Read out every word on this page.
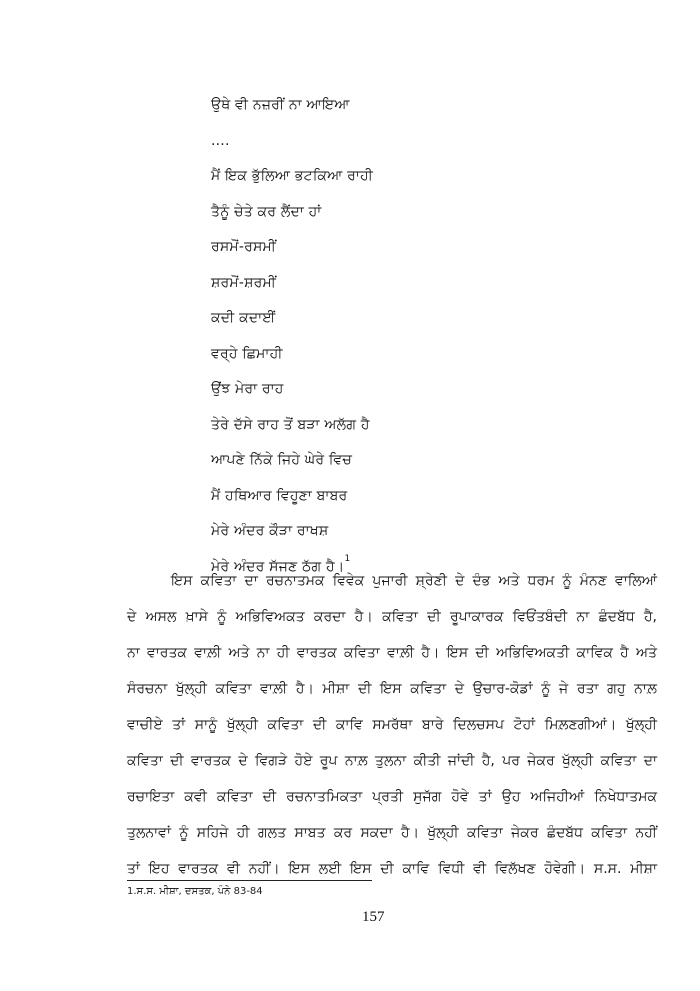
ਉਥੇ ਵੀ ਨਜ਼ਰੀਂ ਨਾ ਆਇਆ
....
ਮੈਂ ਇਕ ਭੁੱਲਿਆ ਭਟਕਿਆ ਰਾਹੀ
ਤੈਨੂੰ ਚੇਤੇ ਕਰ ਲੈਂਦਾ ਹਾਂ
ਰਸਮੋਂ-ਰਸਮੀਂ
ਸ਼ਰਮੋਂ-ਸ਼ਰਮੀਂ
ਕਦੀ ਕਦਾਈਂ
ਵਰ੍ਹੇ ਛਿਮਾਹੀ
ਉਂਝ ਮੇਰਾ ਰਾਹ
ਤੇਰੇ ਦੱਸੇ ਰਾਹ ਤੋਂ ਬੜਾ ਅਲੱਗ ਹੈ
ਆਪਣੇ ਨਿੱਕੇ ਜਿਹੇ ਘੇਰੇ ਵਿਚ
ਮੈਂ ਹਥਿਆਰ ਵਿਹੂਣਾ ਬਾਬਰ
ਮੇਰੇ ਅੰਦਰ ਕੌੜਾ ਰਾਖਸ਼
ਮੇਰੇ ਅੰਦਰ ਸੱਜਣ ਠੱਗ ਹੈ।$^1$
ਇਸ ਕਵਿਤਾ ਦਾ ਰਚਨਾਤਮਕ ਵਿਵੇਕ ਪੁਜਾਰੀ ਸ਼੍ਰੇਣੀ ਦੇ ਦੰਭ ਅਤੇ ਧਰਮ ਨੂੰ ਮੰਨਣ ਵਾਲਿਆਂ
ਦੇ ਅਸਲ ਖ਼ਾਸੇ ਨੂੰ ਅਭਿਵਿਅਕਤ ਕਰਦਾ ਹੈ। ਕਵਿਤਾ ਦੀ ਰੂਪਾਕਾਰਕ ਵਿਓਂਤਬੰਦੀ ਨਾ ਛੰਦਬੱਧ ਹੈ,
ਨਾ ਵਾਰਤਕ ਵਾਲ਼ੀ ਅਤੇ ਨਾ ਹੀ ਵਾਰਤਕ ਕਵਿਤਾ ਵਾਲ਼ੀ ਹੈ। ਇਸ ਦੀ ਅਭਿਵਿਅਕਤੀ ਕਾਵਿਕ ਹੈ ਅਤੇ
ਸੰਰਚਨਾ ਖੁੱਲ੍ਹੀ ਕਵਿਤਾ ਵਾਲ਼ੀ ਹੈ। ਮੀਸ਼ਾ ਦੀ ਇਸ ਕਵਿਤਾ ਦੇ ਉਚਾਰ-ਕੋਡਾਂ ਨੂੰ ਜੇ ਰਤਾ ਗਹੁ ਨਾਲ਼
ਵਾਚੀਏ ਤਾਂ ਸਾਨੂੰ ਖੁੱਲ੍ਹੀ ਕਵਿਤਾ ਦੀ ਕਾਵਿ ਸਮਰੱਥਾ ਬਾਰੇ ਦਿਲਚਸਪ ਟੋਹਾਂ ਮਿਲ਼ਣਗੀਆਂ। ਖੁੱਲ੍ਹੀ
ਕਵਿਤਾ ਦੀ ਵਾਰਤਕ ਦੇ ਵਿਗੜੇ ਹੋਏ ਰੂਪ ਨਾਲ਼ ਤੁਲਨਾ ਕੀਤੀ ਜਾਂਦੀ ਹੈ, ਪਰ ਜੇਕਰ ਖੁੱਲ੍ਹੀ ਕਵਿਤਾ ਦਾ
ਰਚਾਇਤਾ ਕਵੀ ਕਵਿਤਾ ਦੀ ਰਚਨਾਤਮਿਕਤਾ ਪ੍ਰਤੀ ਸੁਜੱਗ ਹੋਵੇ ਤਾਂ ਉਹ ਅਜਿਹੀਆਂ ਨਿਖੇਧਾਤਮਕ
ਤੁਲਨਾਵਾਂ ਨੂੰ ਸਹਿਜੇ ਹੀ ਗਲਤ ਸਾਬਤ ਕਰ ਸਕਦਾ ਹੈ। ਖੁੱਲ੍ਹੀ ਕਵਿਤਾ ਜੇਕਰ ਛੰਦਬੱਧ ਕਵਿਤਾ ਨਹੀਂ
ਤਾਂ ਇਹ ਵਾਰਤਕ ਵੀ ਨਹੀਂ। ਇਸ ਲਈ ਇਸ ਦੀ ਕਾਵਿ ਵਿਧੀ ਵੀ ਵਿਲੱਖਣ ਹੋਵੇਗੀ। ਸ.ਸ. ਮੀਸ਼ਾ
1.ਸ.ਸ. ਮੀਸ਼ਾ, ਦਸਤਕ, ਪੰਨੇ 83-84
157
